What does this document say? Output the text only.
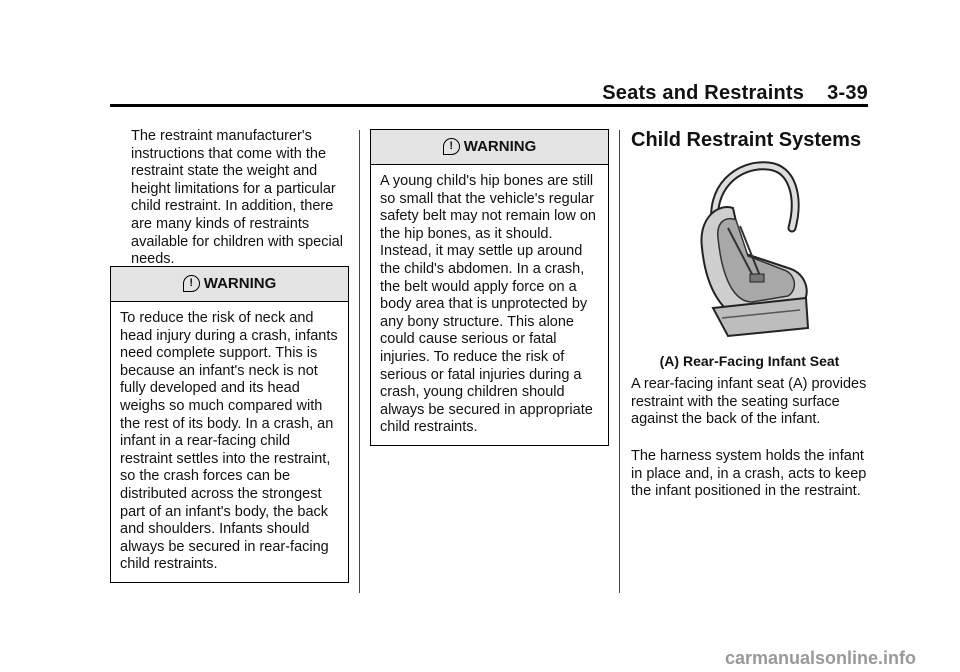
Seats and Restraints 3-39

The restraint manufacturer's instructions that come with the restraint state the weight and height limitations for a particular child restraint. In addition, there are many kinds of restraints available for children with special needs.

! WARNING
To reduce the risk of neck and head injury during a crash, infants need complete support. This is because an infant's neck is not fully developed and its head weighs so much compared with the rest of its body. In a crash, an infant in a rear-facing child restraint settles into the restraint, so the crash forces can be distributed across the strongest part of an infant's body, the back and shoulders. Infants should always be secured in rear-facing child restraints.
! WARNING
A young child's hip bones are still so small that the vehicle's regular safety belt may not remain low on the hip bones, as it should. Instead, it may settle up around the child's abdomen. In a crash, the belt would apply force on a body area that is unprotected by any bony structure. This alone could cause serious or fatal injuries. To reduce the risk of serious or fatal injuries during a crash, young children should always be secured in appropriate child restraints.
Child Restraint Systems
(A) Rear-Facing Infant Seat

A rear-facing infant seat (A) provides restraint with the seating surface against the back of the infant.

The harness system holds the infant in place and, in a crash, acts to keep the infant positioned in the restraint.

carmanualsonline.info
